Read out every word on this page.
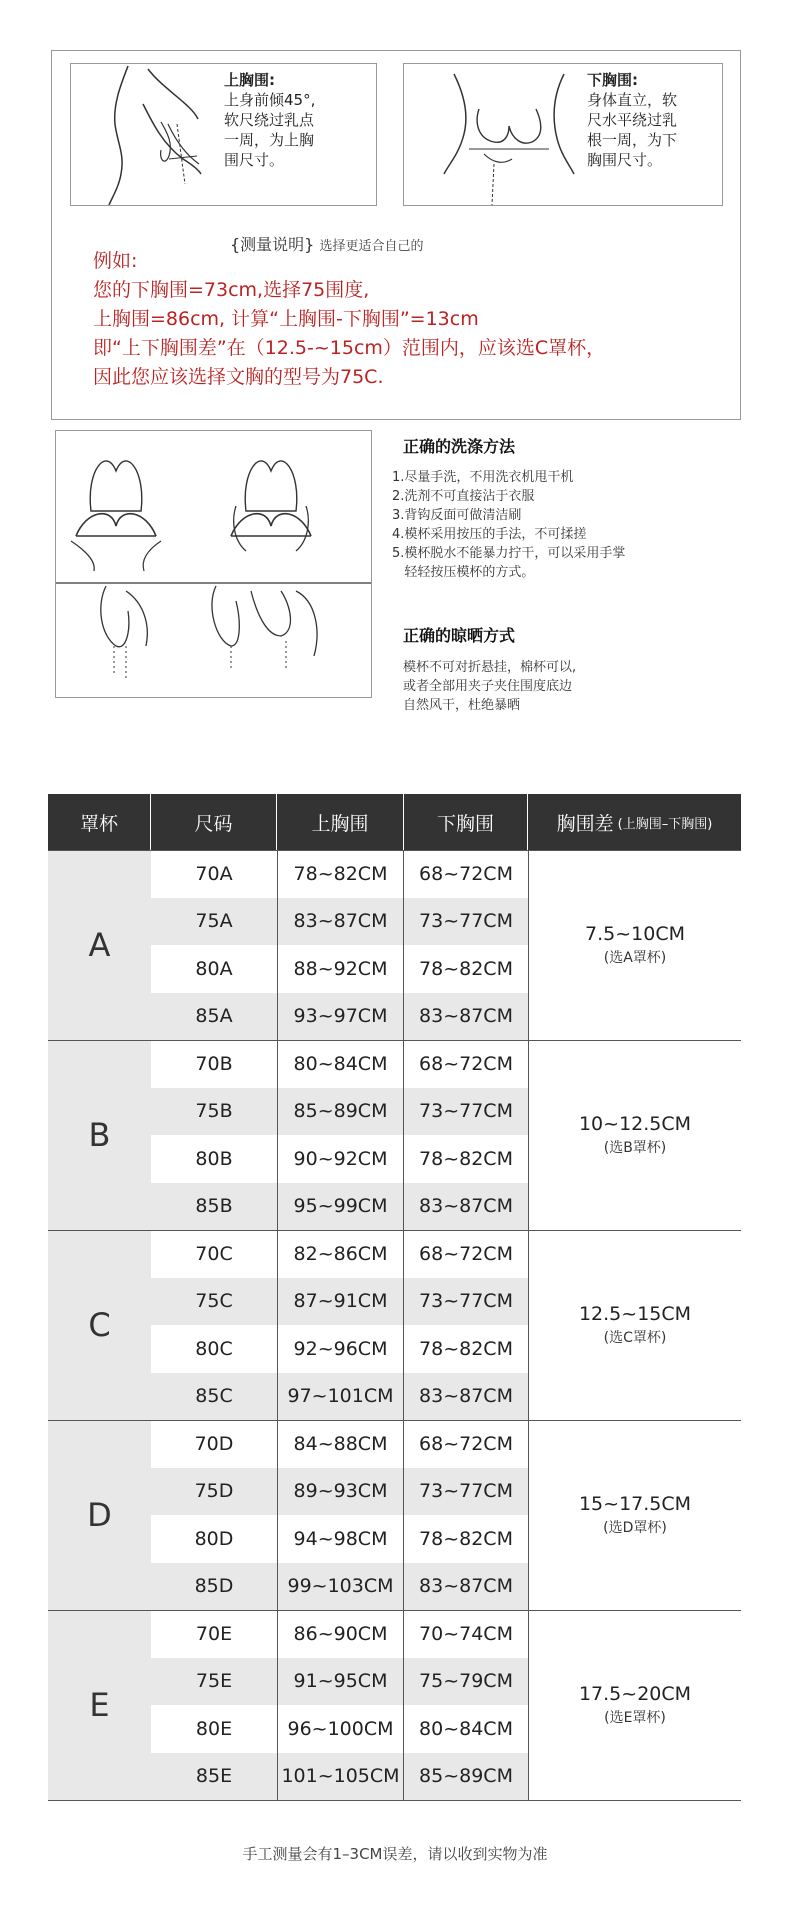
上胸围:
上身前倾45°,
软尺绕过乳点
一周，为上胸
围尺寸。
下胸围:
身体直立，软
尺水平绕过乳
根一周，为下
胸围尺寸。
{测量说明} 选择更适合自己的
例如:
您的下胸围=73cm,选择75围度,
上胸围=86cm, 计算“上胸围-下胸围”=13cm
即“上下胸围差”在（12.5-~15cm）范围内，应该选C罩杯，
因此您应该选择文胸的型号为75C.
正确的洗涤方法
1.尽量手洗，不用洗衣机甩干机
2.洗剂不可直接沾于衣服
3.背钩反面可做清洁刷
4.模杯采用按压的手法，不可揉搓
5.模杯脱水不能暴力拧干，可以采用手掌
轻轻按压模杯的方式。
正确的晾晒方式
模杯不可对折悬挂，棉杯可以,
或者全部用夹子夹住围度底边
自然风干，杜绝暴晒
罩杯	尺码	上胸围	下胸围	胸围差 (上胸围–下胸围)
A
70A	78~82CM	68~72CM
75A	83~87CM	73~77CM
80A	88~92CM	78~82CM
85A	93~97CM	83~87CM
7.5~10CM
(选A罩杯)
B
70B	80~84CM	68~72CM
75B	85~89CM	73~77CM
80B	90~92CM	78~82CM
85B	95~99CM	83~87CM
10~12.5CM
(选B罩杯)
C
70C	82~86CM	68~72CM
75C	87~91CM	73~77CM
80C	92~96CM	78~82CM
85C	97~101CM	83~87CM
12.5~15CM
(选C罩杯)
D
70D	84~88CM	68~72CM
75D	89~93CM	73~77CM
80D	94~98CM	78~82CM
85D	99~103CM	83~87CM
15~17.5CM
(选D罩杯)
E
70E	86~90CM	70~74CM
75E	91~95CM	75~79CM
80E	96~100CM	80~84CM
85E	101~105CM	85~89CM
17.5~20CM
(选E罩杯)
手工测量会有1–3CM误差，请以收到实物为准
